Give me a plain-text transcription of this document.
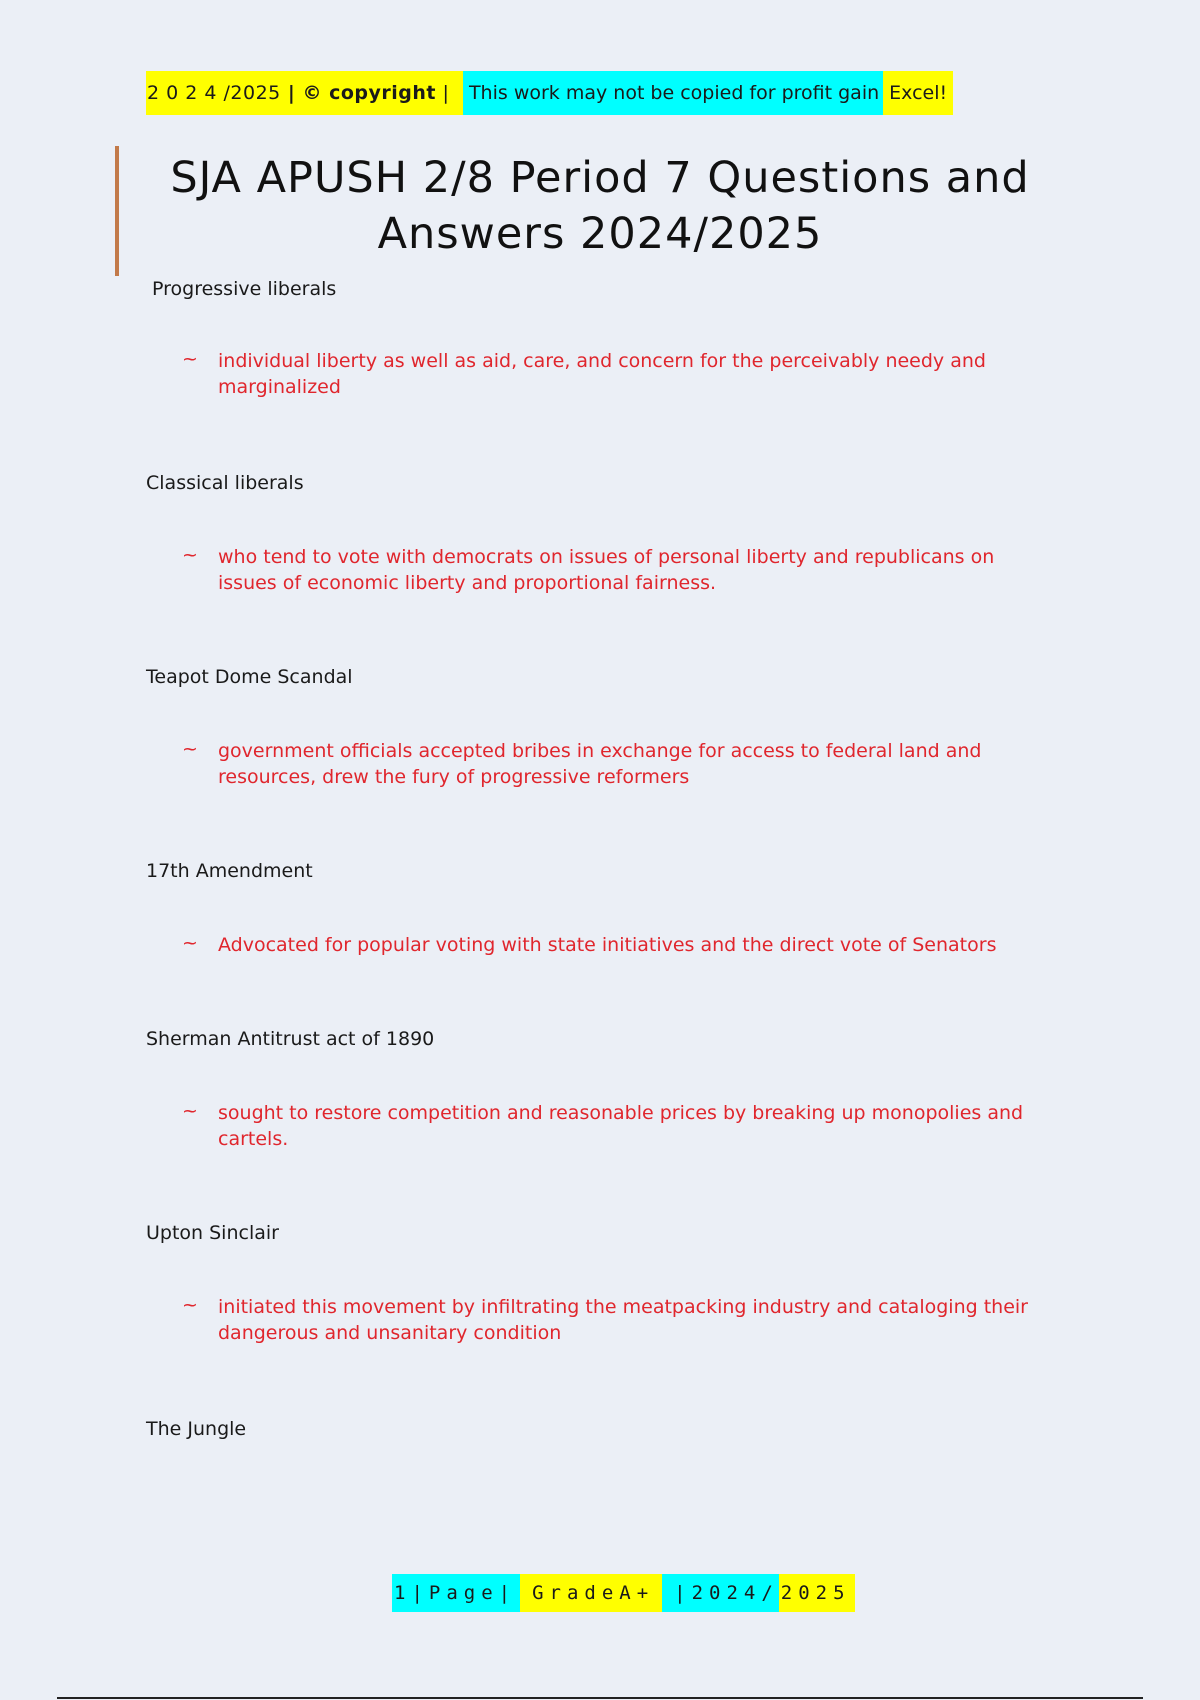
2 0 2 4 /2025 | © copyright | This work may not be copied for profit gain Excel!
SJA APUSH 2/8 Period 7 Questions and
Answers 2024/2025
Progressive liberals
~ individual liberty as well as aid, care, and concern for the perceivably needy and marginalized
Classical liberals
~ who tend to vote with democrats on issues of personal liberty and republicans on issues of economic liberty and proportional fairness.
Teapot Dome Scandal
~ government officials accepted bribes in exchange for access to federal land and resources, drew the fury of progressive reformers
17th Amendment
~ Advocated for popular voting with state initiatives and the direct vote of Senators
Sherman Antitrust act of 1890
~ sought to restore competition and reasonable prices by breaking up monopolies and cartels.
Upton Sinclair
~ initiated this movement by infiltrating the meatpacking industry and cataloging their dangerous and unsanitary condition
The Jungle
1|Page| GradeA+	|2024/ 2025
